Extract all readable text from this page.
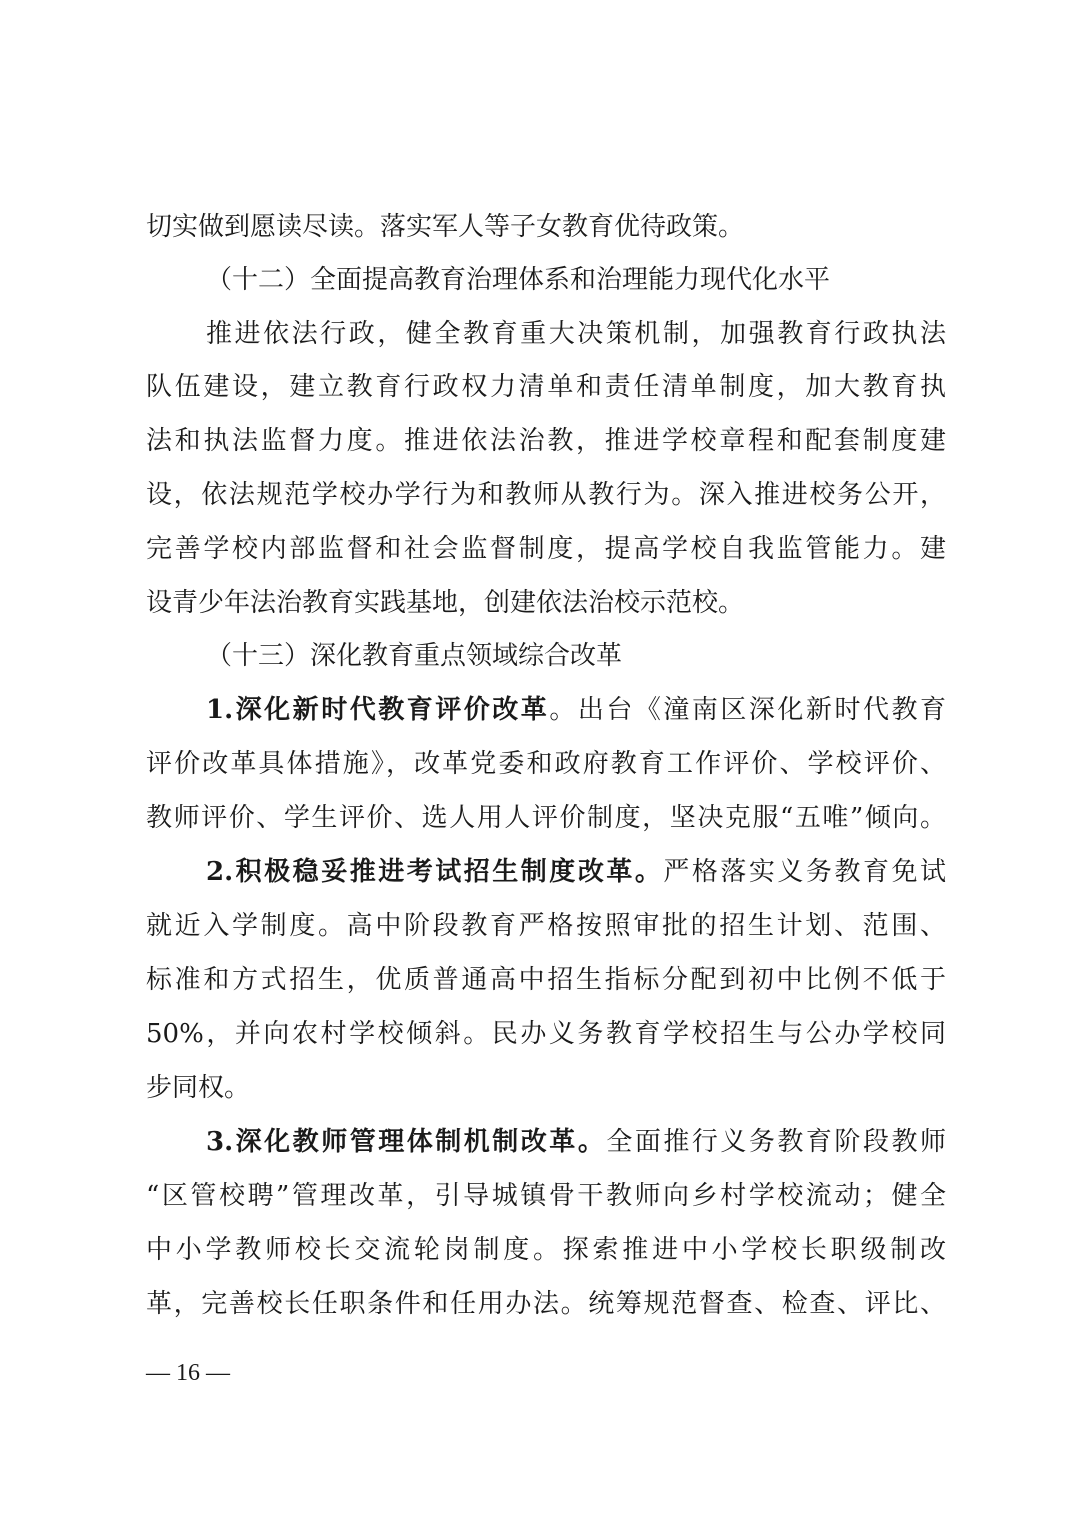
切实做到愿读尽读。落实军人等子女教育优待政策。
（十二）全面提高教育治理体系和治理能力现代化水平
推进依法行政，健全教育重大决策机制，加强教育行政执法
队伍建设，建立教育行政权力清单和责任清单制度，加大教育执
法和执法监督力度。推进依法治教，推进学校章程和配套制度建
设，依法规范学校办学行为和教师从教行为。深入推进校务公开，
完善学校内部监督和社会监督制度，提高学校自我监管能力。建
设青少年法治教育实践基地，创建依法治校示范校。
（十三）深化教育重点领域综合改革
1.深化新时代教育评价改革。出台《潼南区深化新时代教育
评价改革具体措施》，改革党委和政府教育工作评价、学校评价、
教师评价、学生评价、选人用人评价制度，坚决克服“五唯”倾向。
2.积极稳妥推进考试招生制度改革。严格落实义务教育免试
就近入学制度。高中阶段教育严格按照审批的招生计划、范围、
标准和方式招生，优质普通高中招生指标分配到初中比例不低于
50%，并向农村学校倾斜。民办义务教育学校招生与公办学校同
步同权。
3.深化教师管理体制机制改革。全面推行义务教育阶段教师
“区管校聘”管理改革，引导城镇骨干教师向乡村学校流动；健全
中小学教师校长交流轮岗制度。探索推进中小学校长职级制改
革，完善校长任职条件和任用办法。统筹规范督查、检查、评比、
— 16 —
